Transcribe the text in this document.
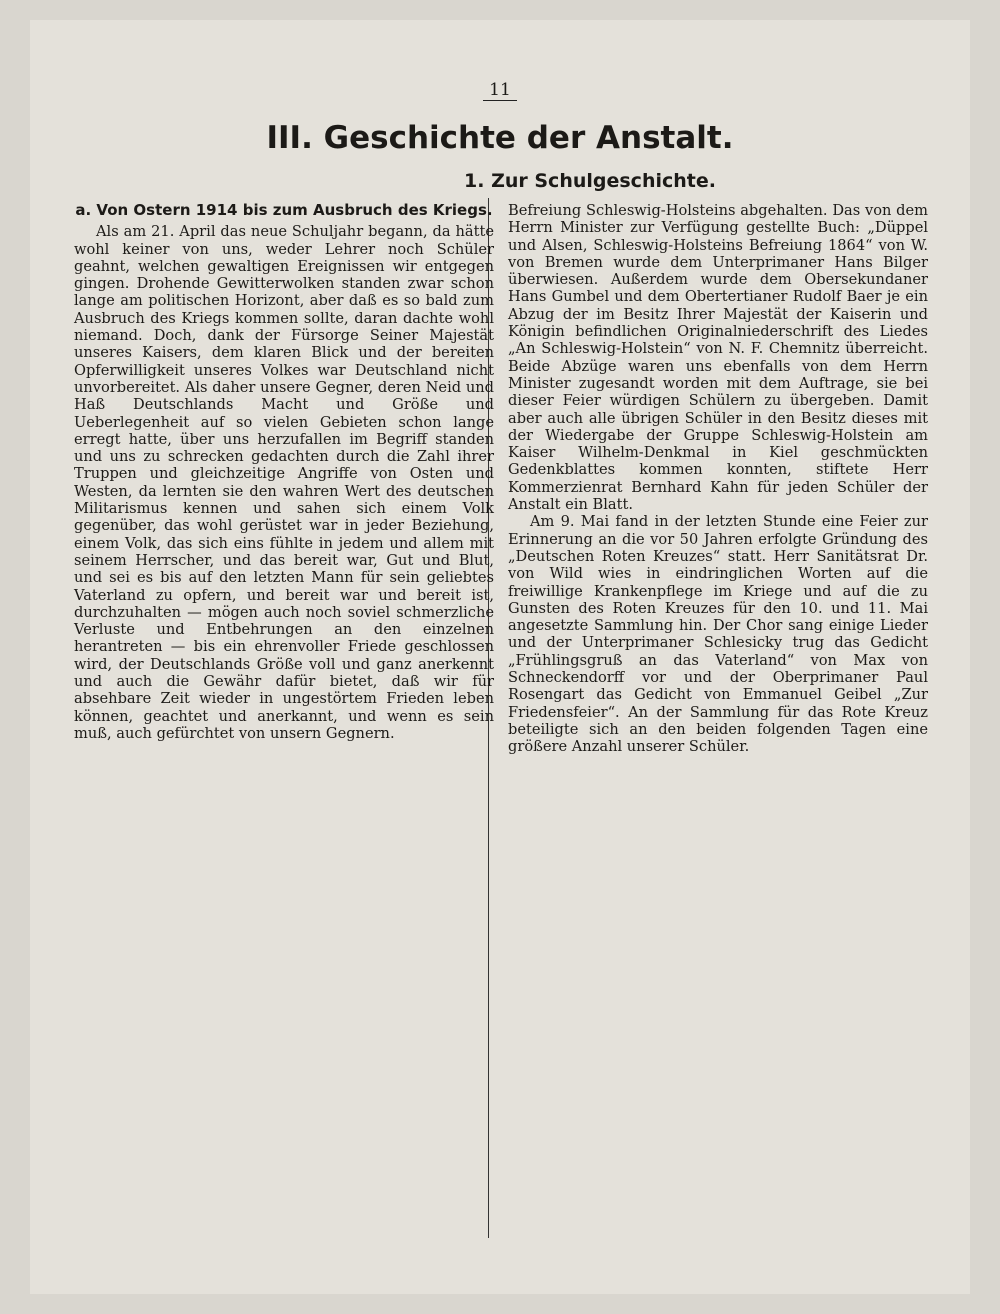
11
III. Geschichte der Anstalt.
1. Zur Schulgeschichte.

a. Von Ostern 1914 bis zum Ausbruch des Kriegs.

Als am 21. April das neue Schuljahr begann, da hätte wohl keiner von uns, weder Lehrer noch Schüler geahnt, welchen gewaltigen Ereignissen wir entgegen gingen. Drohende Gewitterwolken standen zwar schon lange am politischen Horizont, aber daß es so bald zum Ausbruch des Kriegs kommen sollte, daran dachte wohl niemand. Doch, dank der Fürsorge Seiner Majestät unseres Kaisers, dem klaren Blick und der bereiten Opferwilligkeit unseres Volkes war Deutschland nicht unvorbereitet. Als daher unsere Gegner, deren Neid und Haß Deutschlands Macht und Größe und Ueberlegenheit auf so vielen Gebieten schon lange erregt hatte, über uns herzufallen im Begriff standen und uns zu schrecken gedachten durch die Zahl ihrer Truppen und gleichzeitige Angriffe von Osten und Westen, da lernten sie den wahren Wert des deutschen Militarismus kennen und sahen sich einem Volk gegenüber, das wohl gerüstet war in jeder Beziehung, einem Volk, das sich eins fühlte in jedem und allem mit seinem Herrscher, und das bereit war, Gut und Blut, und sei es bis auf den letzten Mann für sein geliebtes Vaterland zu opfern, und bereit war und bereit ist, durchzuhalten — mögen auch noch soviel schmerzliche Verluste und Entbehrungen an den einzelnen herantreten — bis ein ehrenvoller Friede geschlossen wird, der Deutschlands Größe voll und ganz anerkennt und auch die Gewähr dafür bietet, daß wir für absehbare Zeit wieder in ungestörtem Frieden leben können, geachtet und anerkannt, und wenn es sein muß, auch gefürchtet von unsern Gegnern.

Befreiung Schleswig-Holsteins abgehalten. Das von dem Herrn Minister zur Verfügung gestellte Buch: „Düppel und Alsen, Schleswig-Holsteins Befreiung 1864“ von W. von Bremen wurde dem Unterprimaner Hans Bilger überwiesen. Außerdem wurde dem Obersekundaner Hans Gumbel und dem Obertertianer Rudolf Baer je ein Abzug der im Besitz Ihrer Majestät der Kaiserin und Königin befindlichen Originalniederschrift des Liedes „An Schleswig-Holstein“ von N. F. Chemnitz überreicht. Beide Abzüge waren uns ebenfalls von dem Herrn Minister zugesandt worden mit dem Auftrage, sie bei dieser Feier würdigen Schülern zu übergeben. Damit aber auch alle übrigen Schüler in den Besitz dieses mit der Wiedergabe der Gruppe Schleswig-Holstein am Kaiser Wilhelm-Denkmal in Kiel geschmückten Gedenkblattes kommen konnten, stiftete Herr Kommerzienrat Bernhard Kahn für jeden Schüler der Anstalt ein Blatt.

Am 9. Mai fand in der letzten Stunde eine Feier zur Erinnerung an die vor 50 Jahren erfolgte Gründung des „Deutschen Roten Kreuzes“ statt. Herr Sanitätsrat Dr. von Wild wies in eindringlichen Worten auf die freiwillige Krankenpflege im Kriege und auf die zu Gunsten des Roten Kreuzes für den 10. und 11. Mai angesetzte Sammlung hin. Der Chor sang einige Lieder und der Unterprimaner Schlesicky trug das Gedicht „Frühlingsgruß an das Vaterland“ von Max von Schneckendorff vor und der Oberprimaner Paul Rosengart das Gedicht von Emmanuel Geibel „Zur Friedensfeier“. An der Sammlung für das Rote Kreuz beteiligte sich an den beiden folgenden Tagen eine größere Anzahl unserer Schüler.
